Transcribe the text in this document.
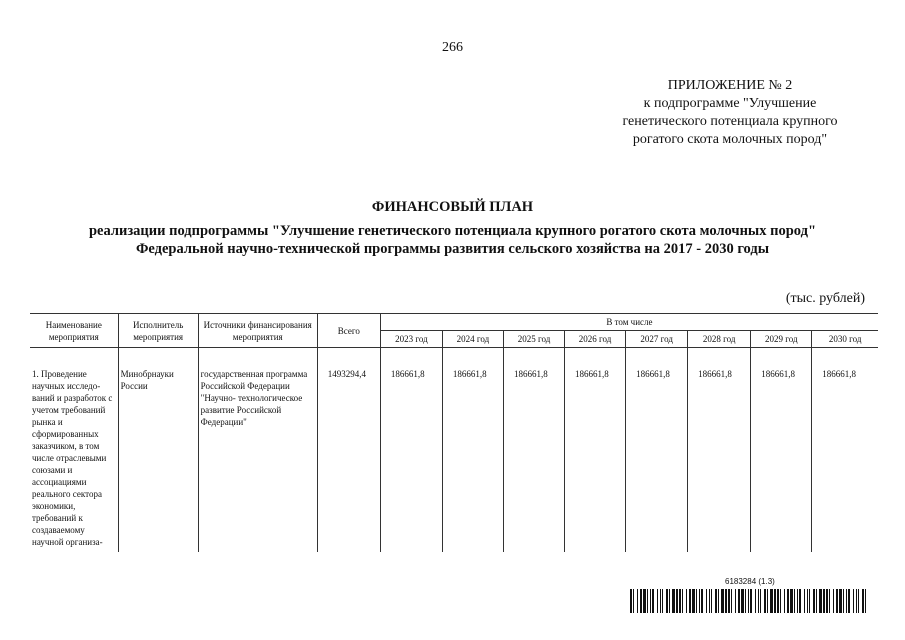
266
ПРИЛОЖЕНИЕ № 2
к подпрограмме "Улучшение
генетического потенциала крупного
рогатого скота молочных пород"
ФИНАНСОВЫЙ ПЛАН
реализации подпрограммы "Улучшение генетического потенциала крупного рогатого скота молочных пород"
Федеральной научно-технической программы развития сельского хозяйства на 2017 - 2030 годы
(тыс. рублей)
Наименование мероприятия	Исполнитель мероприятия	Источники финансирования мероприятия	Всего	В том числе							
				2023 год	2024 год	2025 год	2026 год	2027 год	2028 год	2029 год	2030 год

1. Проведение научных исследо- ваний и разработок с учетом требований рынка и сформированных заказчиком, в том числе отраслевыми союзами и ассоциациями реального сектора экономики, требований к создаваемому научной организа-	Минобрнауки России	государственная программа Российской Федерации "Научно- технологическое развитие Российской Федерации"	1493294,4	186661,8	186661,8	186661,8	186661,8	186661,8	186661,8	186661,8	186661,8
6183284 (1.3)
